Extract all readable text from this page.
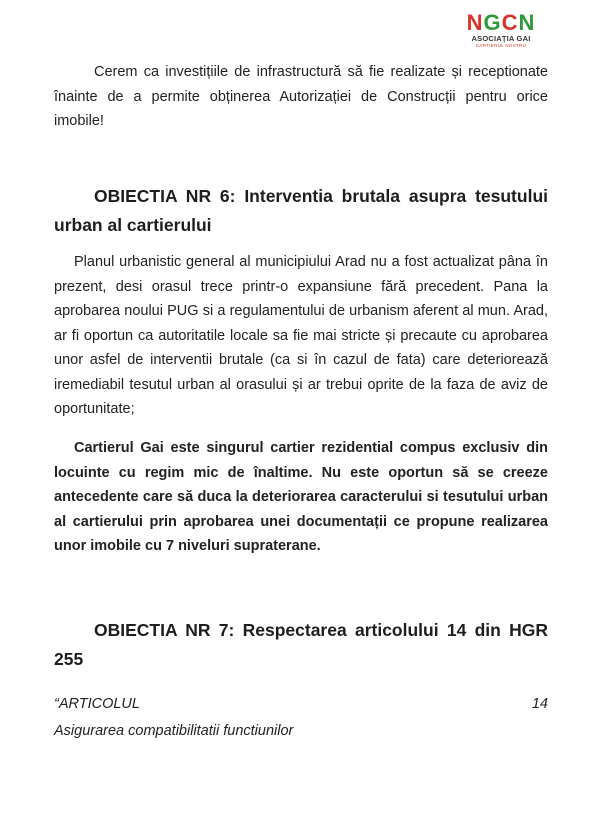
NGCN
ASOCIAȚIA GAI
CARTIERUL NOSTRU
Cerem ca investițiile de infrastructură să fie realizate și receptionate înainte de a permite obținerea Autorizației de Construcții pentru orice imobile!
OBIECTIA NR 6: Interventia brutala asupra tesutului urban al cartierului
Planul urbanistic general al municipiului Arad nu a fost actualizat pâna în prezent, desi orasul trece printr-o expansiune fără precedent. Pana la aprobarea noului PUG si a regulamentului de urbanism aferent al mun. Arad, ar fi oportun ca autoritatile locale sa fie mai stricte și precaute cu aprobarea unor asfel de interventii brutale (ca si în cazul de fata) care deteriorează iremediabil tesutul urban al orasului și ar trebui oprite de la faza de aviz de oportunitate;
Cartierul Gai este singurul cartier rezidential compus exclusiv din locuinte cu regim mic de înaltime. Nu este oportun să se creeze antecedente care să duca la deteriorarea caracterului si tesutului urban al cartierului prin aprobarea unei documentații ce propune realizarea unor imobile cu 7 niveluri supraterane.
OBIECTIA NR 7: Respectarea articolului 14 din HGR 255
“ARTICOLUL	14
Asigurarea compatibilitatii functiunilor
